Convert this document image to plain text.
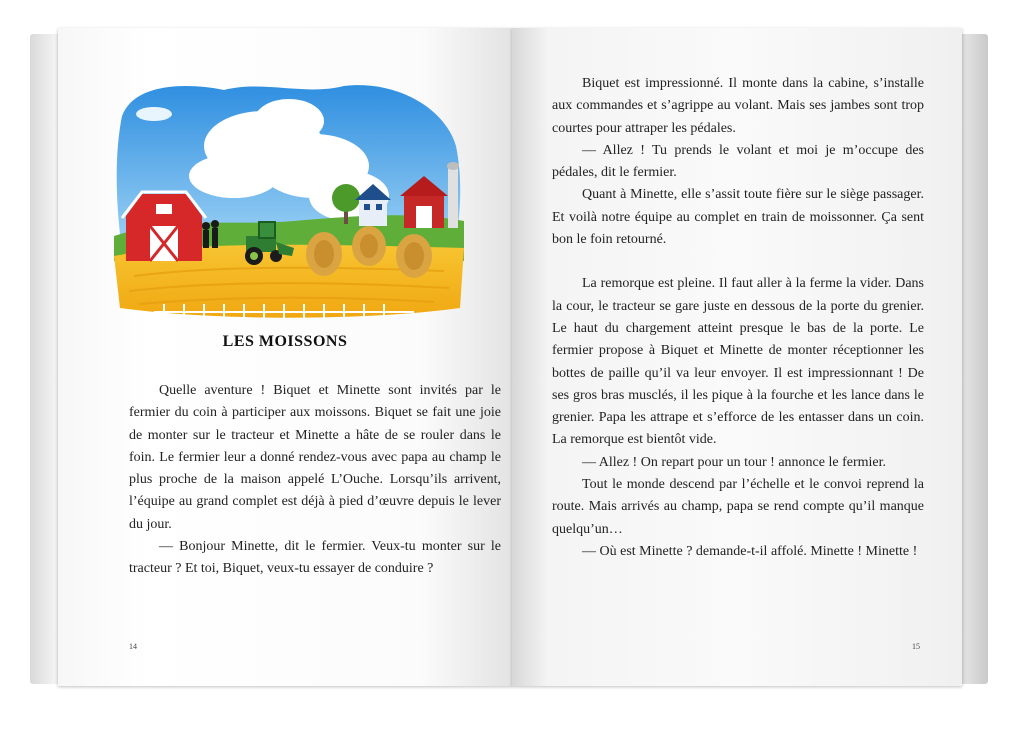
LES MOISSONS

Quelle aventure ! Biquet et Minette sont invités par le fermier du coin à participer aux moissons. Biquet se fait une joie de monter sur le tracteur et Minette a hâte de se rouler dans le foin. Le fermier leur a donné rendez-vous avec papa au champ le plus proche de la maison appelé L’Ouche. Lorsqu’ils arrivent, l’équipe au grand complet est déjà à pied d’œuvre depuis le lever du jour.

— Bonjour Minette, dit le fermier. Veux-tu monter sur le tracteur ? Et toi, Biquet, veux-tu essayer de conduire ?

14

Biquet est impressionné. Il monte dans la cabine, s’installe aux commandes et s’agrippe au volant. Mais ses jambes sont trop courtes pour attraper les pédales.

— Allez ! Tu prends le volant et moi je m’occupe des pédales, dit le fermier.

Quant à Minette, elle s’assit toute fière sur le siège passager. Et voilà notre équipe au complet en train de moissonner. Ça sent bon le foin retourné.

La remorque est pleine. Il faut aller à la ferme la vider. Dans la cour, le tracteur se gare juste en dessous de la porte du grenier. Le haut du chargement atteint presque le bas de la porte. Le fermier propose à Biquet et Minette de monter réceptionner les bottes de paille qu’il va leur envoyer. Il est impressionnant ! De ses gros bras musclés, il les pique à la fourche et les lance dans le grenier. Papa les attrape et s’efforce de les entasser dans un coin. La remorque est bientôt vide.

— Allez ! On repart pour un tour ! annonce le fermier.

Tout le monde descend par l’échelle et le convoi reprend la route. Mais arrivés au champ, papa se rend compte qu’il manque quelqu’un…

— Où est Minette ? demande-t-il affolé. Minette ! Minette !

15
